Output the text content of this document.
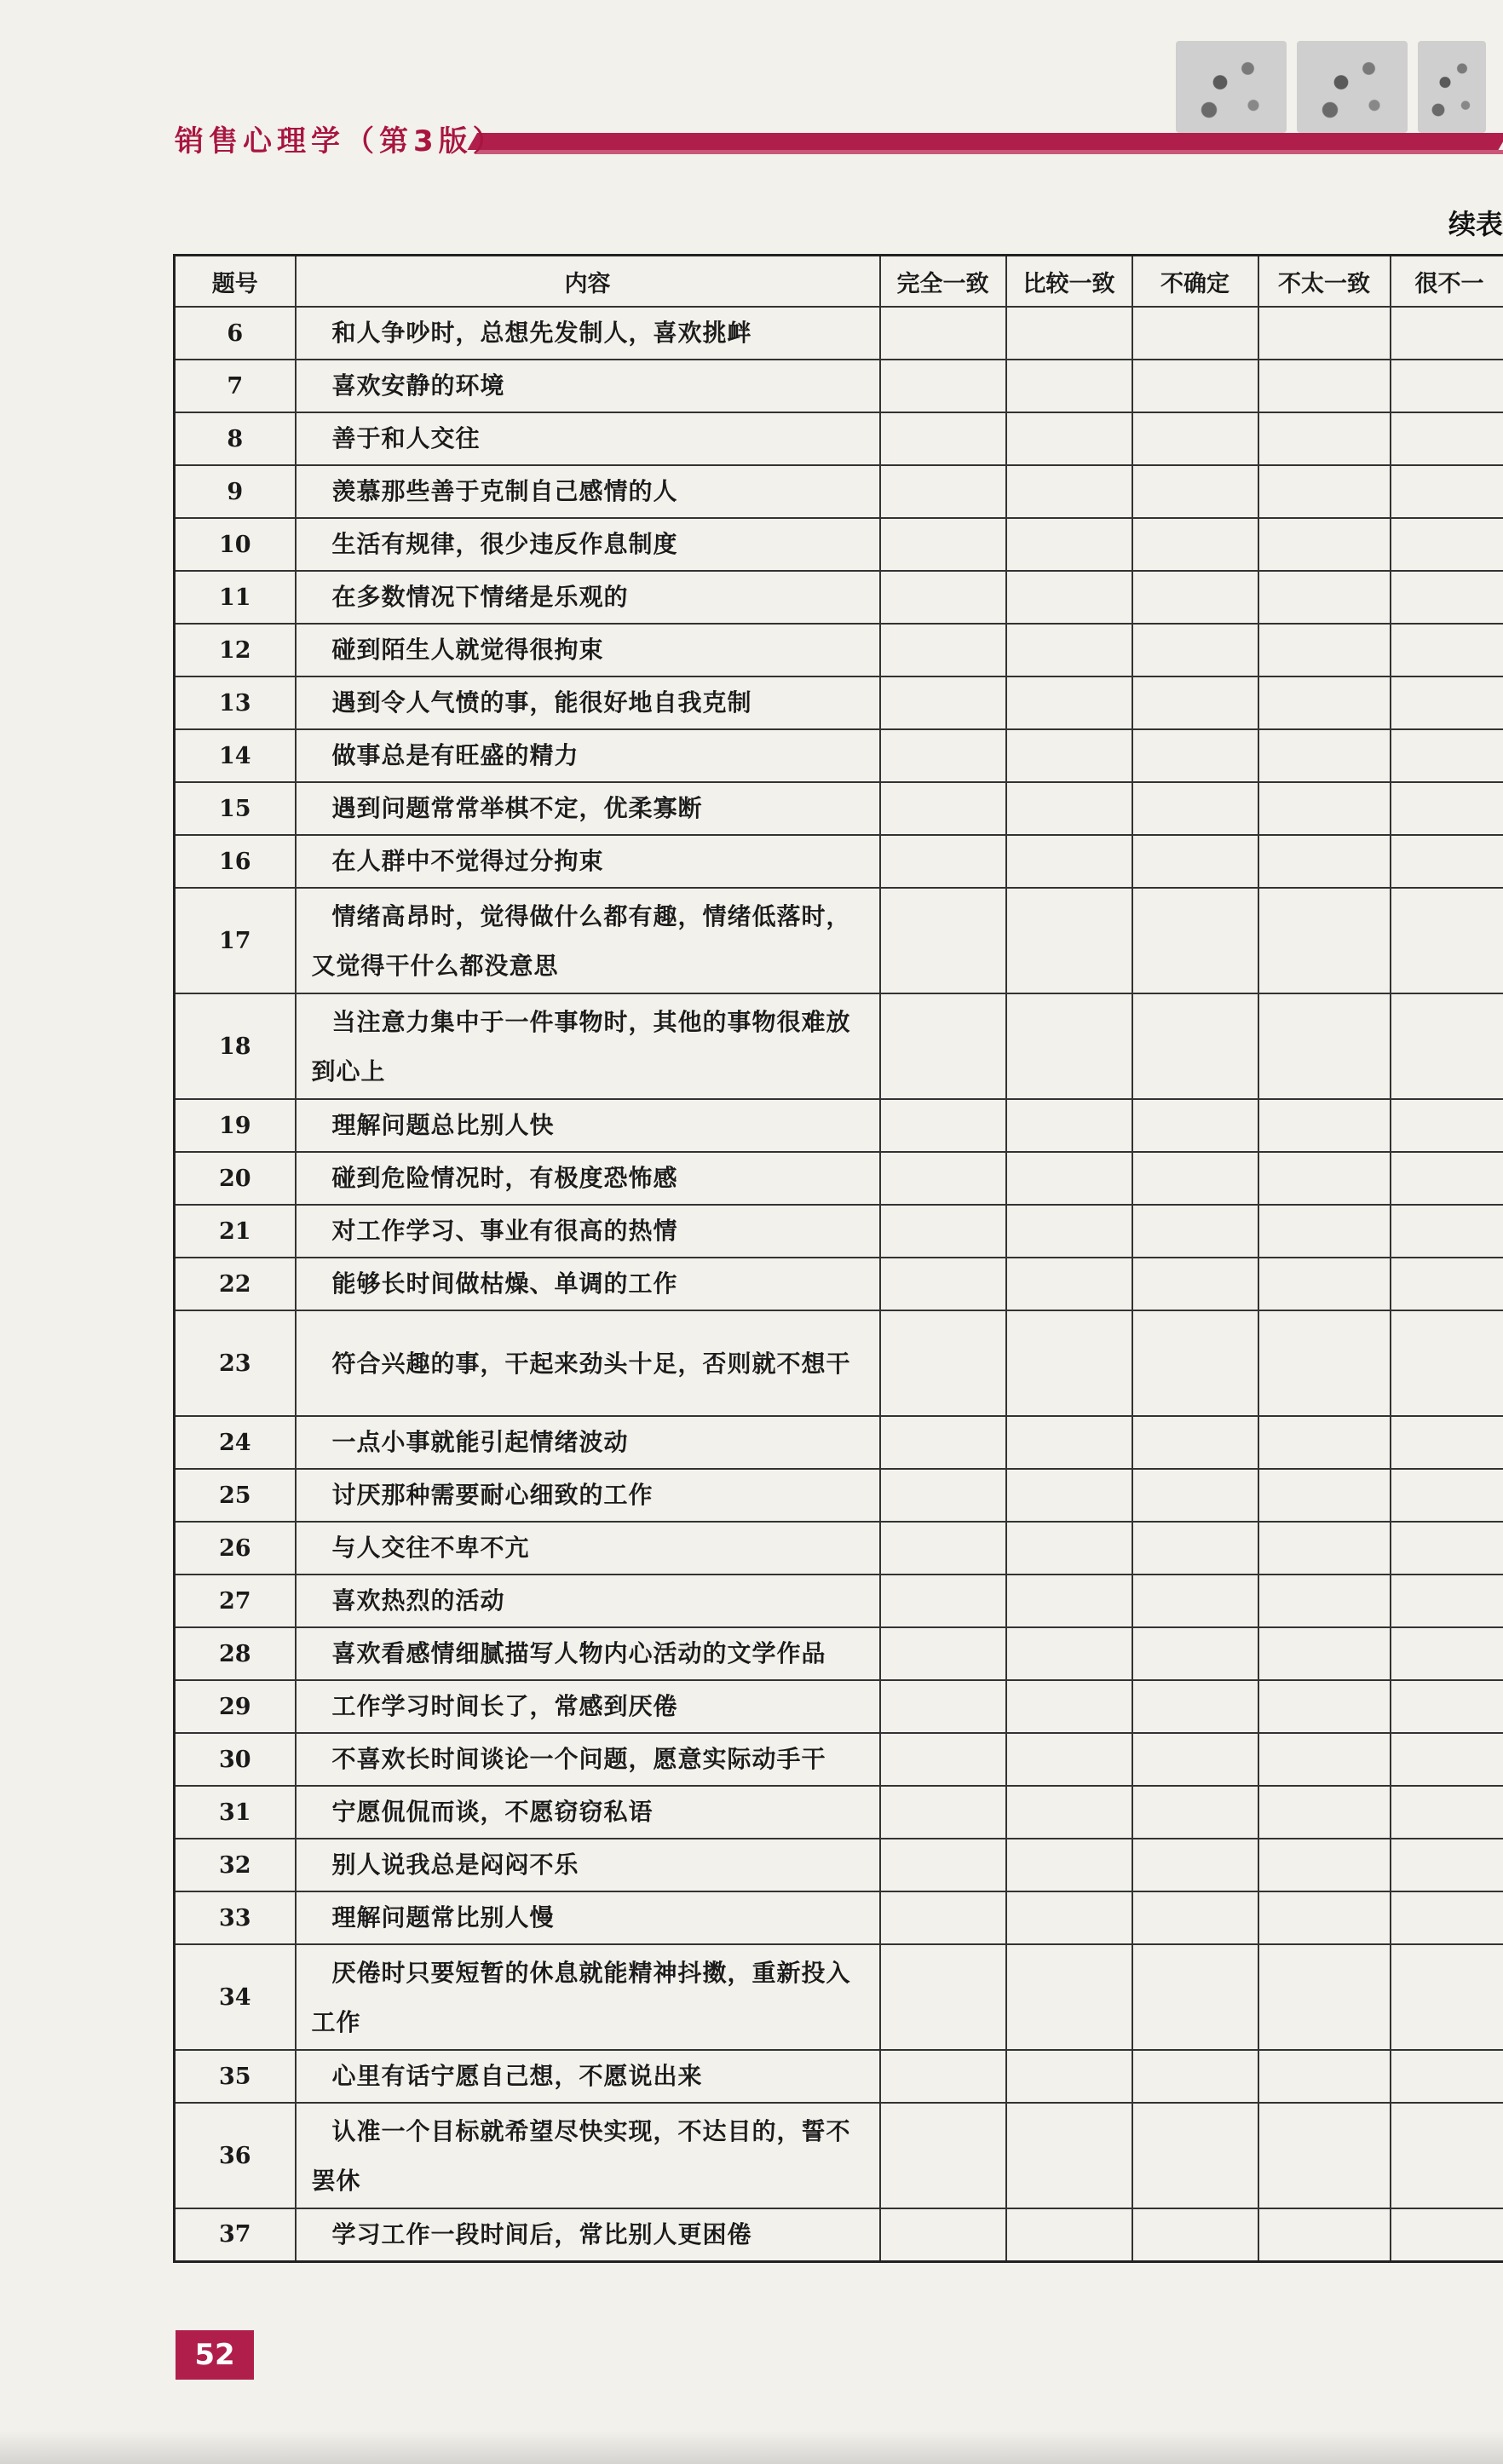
销售心理学（第3版）
续表
题号	内容	完全一致	比较一致	不确定	不太一致	很不一
6	和人争吵时，总想先发制人，喜欢挑衅					
7	喜欢安静的环境					
8	善于和人交往					
9	羡慕那些善于克制自己感情的人					
10	生活有规律，很少违反作息制度					
11	在多数情况下情绪是乐观的					
12	碰到陌生人就觉得很拘束					
13	遇到令人气愤的事，能很好地自我克制					
14	做事总是有旺盛的精力					
15	遇到问题常常举棋不定，优柔寡断					
16	在人群中不觉得过分拘束					
17	情绪高昂时，觉得做什么都有趣，情绪低落时，又觉得干什么都没意思					
18	当注意力集中于一件事物时，其他的事物很难放到心上					
19	理解问题总比别人快					
20	碰到危险情况时，有极度恐怖感					
21	对工作学习、事业有很高的热情					
22	能够长时间做枯燥、单调的工作					
23	符合兴趣的事，干起来劲头十足，否则就不想干					
24	一点小事就能引起情绪波动					
25	讨厌那种需要耐心细致的工作					
26	与人交往不卑不亢					
27	喜欢热烈的活动					
28	喜欢看感情细腻描写人物内心活动的文学作品					
29	工作学习时间长了，常感到厌倦					
30	不喜欢长时间谈论一个问题，愿意实际动手干					
31	宁愿侃侃而谈，不愿窃窃私语					
32	别人说我总是闷闷不乐					
33	理解问题常比别人慢					
34	厌倦时只要短暂的休息就能精神抖擞，重新投入工作					
35	心里有话宁愿自己想，不愿说出来					
36	认准一个目标就希望尽快实现，不达目的，誓不罢休					
37	学习工作一段时间后，常比别人更困倦					
52
